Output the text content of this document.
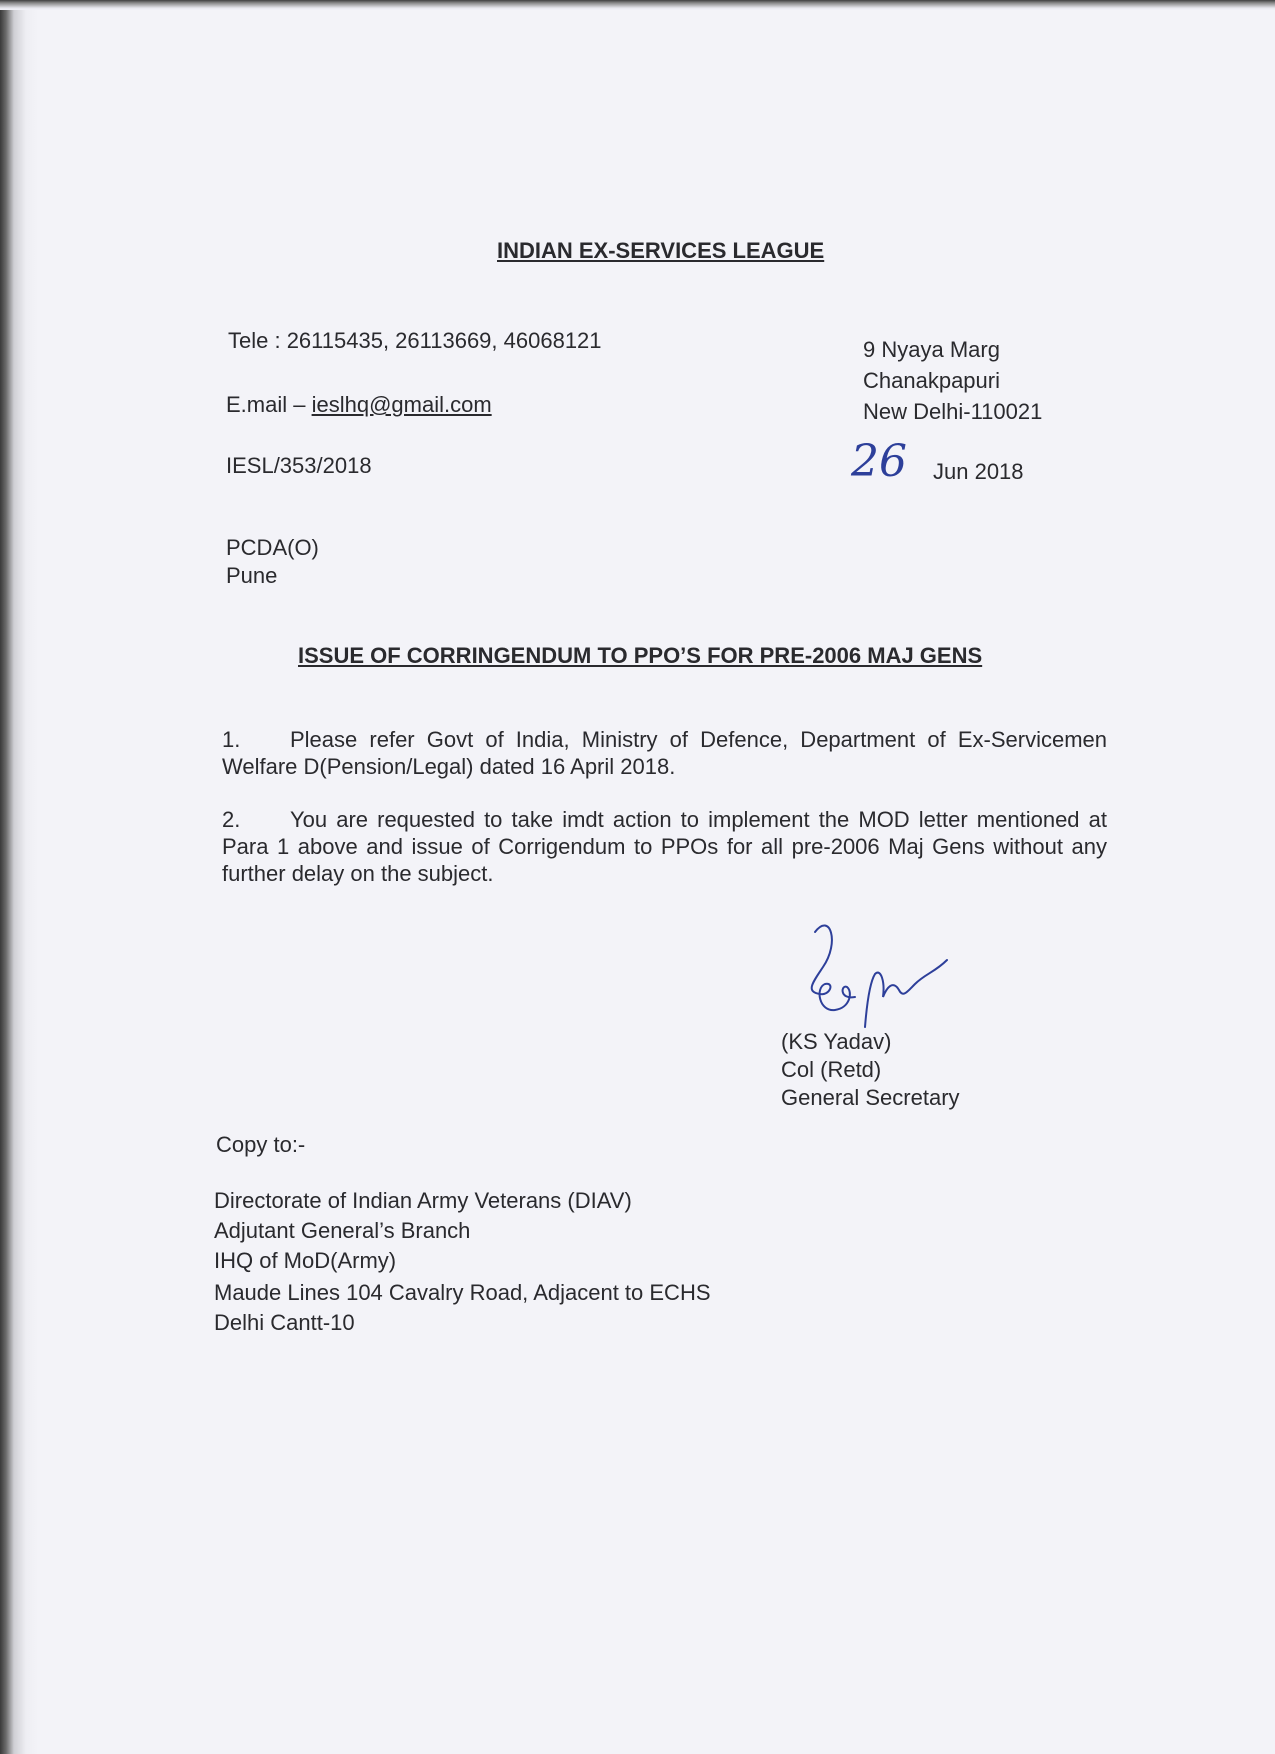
INDIAN EX-SERVICES LEAGUE
Tele : 26115435, 26113669, 46068121
E.mail – ieslhq@gmail.com
9 Nyaya Marg
Chanakpapuri
New Delhi-110021
IESL/353/2018	26 Jun 2018
PCDA(O)
Pune
ISSUE OF CORRINGENDUM TO PPO’S FOR PRE-2006 MAJ GENS
1. Please refer Govt of India, Ministry of Defence, Department of Ex-Servicemen Welfare D(Pension/Legal) dated 16 April 2018.
2. You are requested to take imdt action to implement the MOD letter mentioned at Para 1 above and issue of Corrigendum to PPOs for all pre-2006 Maj Gens without any further delay on the subject.
(KS Yadav)
Col (Retd)
General Secretary
Copy to:-
Directorate of Indian Army Veterans (DIAV)
Adjutant General’s Branch
IHQ of MoD(Army)
Maude Lines 104 Cavalry Road, Adjacent to ECHS
Delhi Cantt-10
